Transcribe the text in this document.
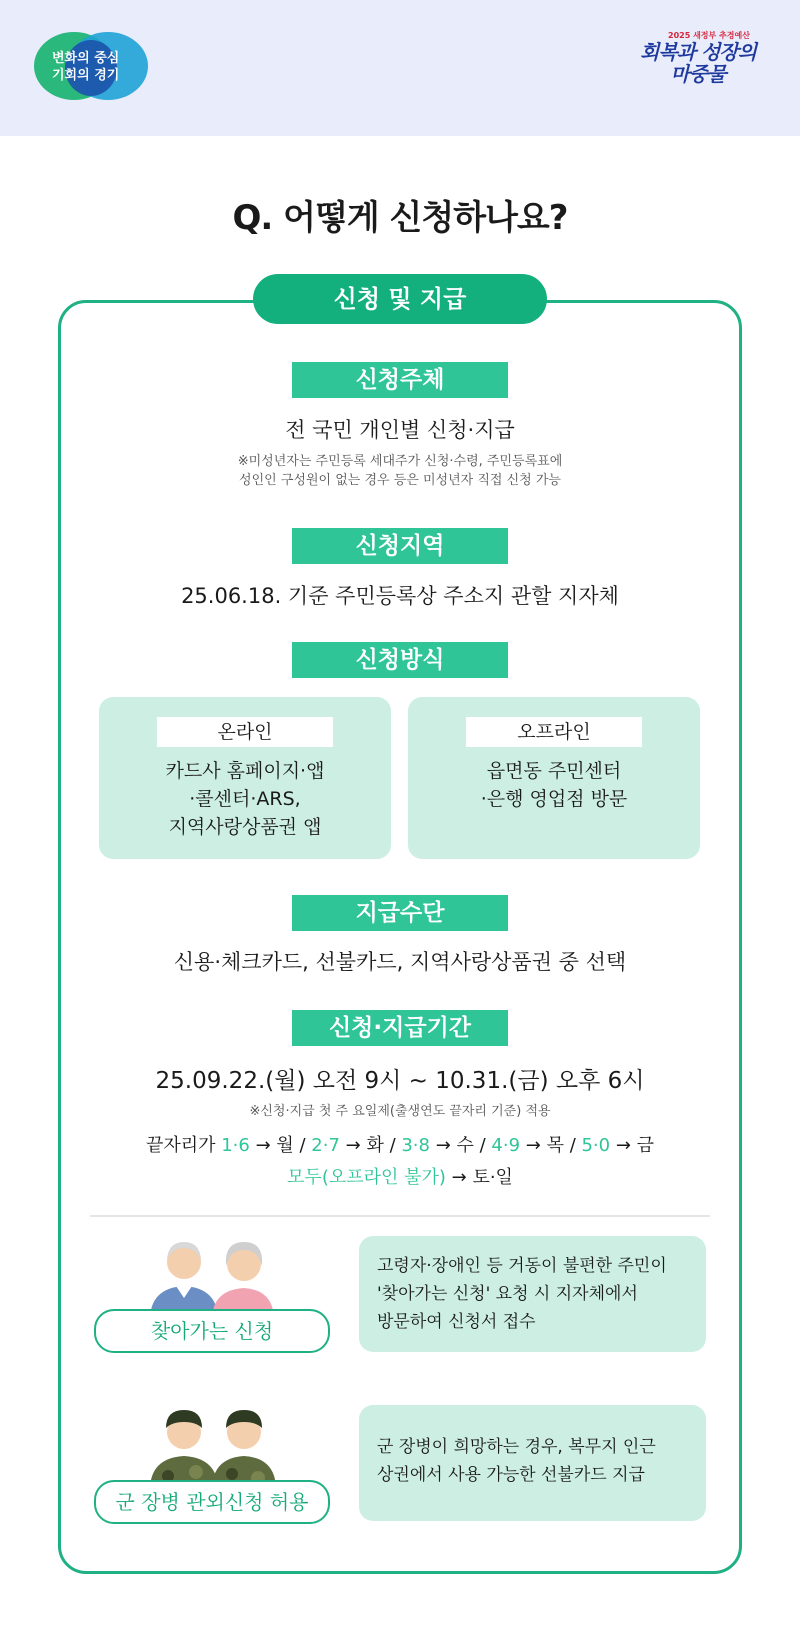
변화의 중심
기회의 경기
2025 새정부 추경예산
회복과 성장의
마중물
Q. 어떻게 신청하나요?
신청 및 지급
신청주체
전 국민 개인별 신청·지급
※미성년자는 주민등록 세대주가 신청·수령, 주민등록표에
성인인 구성원이 없는 경우 등은 미성년자 직접 신청 가능
신청지역
25.06.18. 기준 주민등록상 주소지 관할 지자체
신청방식
온라인
카드사 홈페이지·앱
·콜센터·ARS,
지역사랑상품권 앱
오프라인
읍면동 주민센터
·은행 영업점 방문
지급수단
신용·체크카드, 선불카드, 지역사랑상품권 중 선택
신청·지급기간
25.09.22.(월) 오전 9시 ~ 10.31.(금) 오후 6시
※신청·지급 첫 주 요일제(출생연도 끝자리 기준) 적용
끝자리가 1·6 → 월 / 2·7 → 화 / 3·8 → 수 / 4·9 → 목 / 5·0 → 금
모두(오프라인 불가) → 토·일
찾아가는 신청
고령자·장애인 등 거동이 불편한 주민이
'찾아가는 신청' 요청 시 지자체에서
방문하여 신청서 접수
군 장병 관외신청 허용
군 장병이 희망하는 경우, 복무지 인근
상권에서 사용 가능한 선불카드 지급
